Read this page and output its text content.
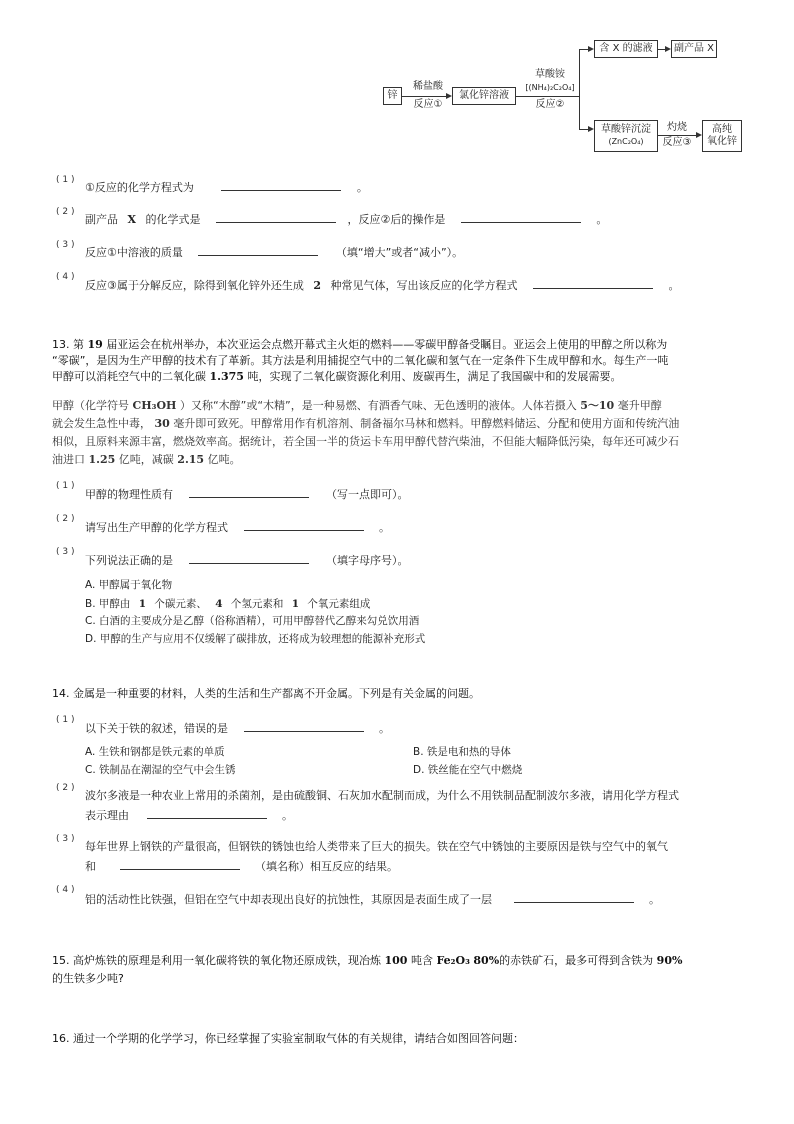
锌
稀盐酸
反应①
氯化锌溶液
草酸铵
[(NH₄)₂C₂O₄]
反应②
含 X 的滤液 副产品 X
草酸锌沉淀
(ZnC₂O₄)
灼烧
反应③
高纯
氧化锌
( 1 )
①反应的化学方程式为	。
( 2 )
副产品 X 的化学式是	，反应②后的操作是	。
( 3 )
反应①中溶液的质量	（填“增大”或者“减小”）。
( 4 )
反应③属于分解反应，除得到氧化锌外还生成 2 种常见气体，写出该反应的化学方程式	。
13. 第 19 届亚运会在杭州举办，本次亚运会点燃开幕式主火炬的燃料——零碳甲醇备受瞩目。亚运会上使用的甲醇之所以称为
“零碳”，是因为生产甲醇的技术有了革新。其方法是利用捕捉空气中的二氧化碳和氢气在一定条件下生成甲醇和水。每生产一吨
甲醇可以消耗空气中的二氧化碳 1.375 吨，实现了二氧化碳资源化利用、废碳再生，满足了我国碳中和的发展需要。
甲醇（化学符号 CH₃OH ）又称“木醇”或“木精”，是一种易燃、有酒香气味、无色透明的液体。人体若摄入 5～10 毫升甲醇
就会发生急性中毒， 30 毫升即可致死。甲醇常用作有机溶剂、制备福尔马林和燃料。甲醇燃料储运、分配和使用方面和传统汽油
相似，且原料来源丰富，燃烧效率高。据统计，若全国一半的货运卡车用甲醇代替汽柴油，不但能大幅降低污染，每年还可减少石
油进口 1.25 亿吨，减碳 2.15 亿吨。
( 1 )
甲醇的物理性质有	（写一点即可）。
( 2 )
请写出生产甲醇的化学方程式	。
( 3 )
下列说法正确的是	（填字母序号）。
A. 甲醇属于氧化物
B. 甲醇由 1 个碳元素、 4 个氢元素和 1 个氧元素组成
C. 白酒的主要成分是乙醇（俗称酒精），可用甲醇替代乙醇来勾兑饮用酒
D. 甲醇的生产与应用不仅缓解了碳排放，还将成为较理想的能源补充形式
14. 金属是一种重要的材料，人类的生活和生产都离不开金属。下列是有关金属的问题。
( 1 )
以下关于铁的叙述，错误的是	。
A. 生铁和钢都是铁元素的单质	B. 铁是电和热的导体
C. 铁制品在潮湿的空气中会生锈	D. 铁丝能在空气中燃烧
( 2 )
波尔多液是一种农业上常用的杀菌剂，是由硫酸铜、石灰加水配制而成，为什么不用铁制品配制波尔多液，请用化学方程式
表示理由	。
( 3 )
每年世界上钢铁的产量很高，但钢铁的锈蚀也给人类带来了巨大的损失。铁在空气中锈蚀的主要原因是铁与空气中的氧气
和	（填名称）相互反应的结果。
( 4 )
铝的活动性比铁强，但铝在空气中却表现出良好的抗蚀性，其原因是表面生成了一层	。
15. 高炉炼铁的原理是利用一氧化碳将铁的氧化物还原成铁，现冶炼 100 吨含 Fe₂O₃ 80%的赤铁矿石，最多可得到含铁为 90%
的生铁多少吨?
16. 通过一个学期的化学学习，你已经掌握了实验室制取气体的有关规律，请结合如图回答问题：
